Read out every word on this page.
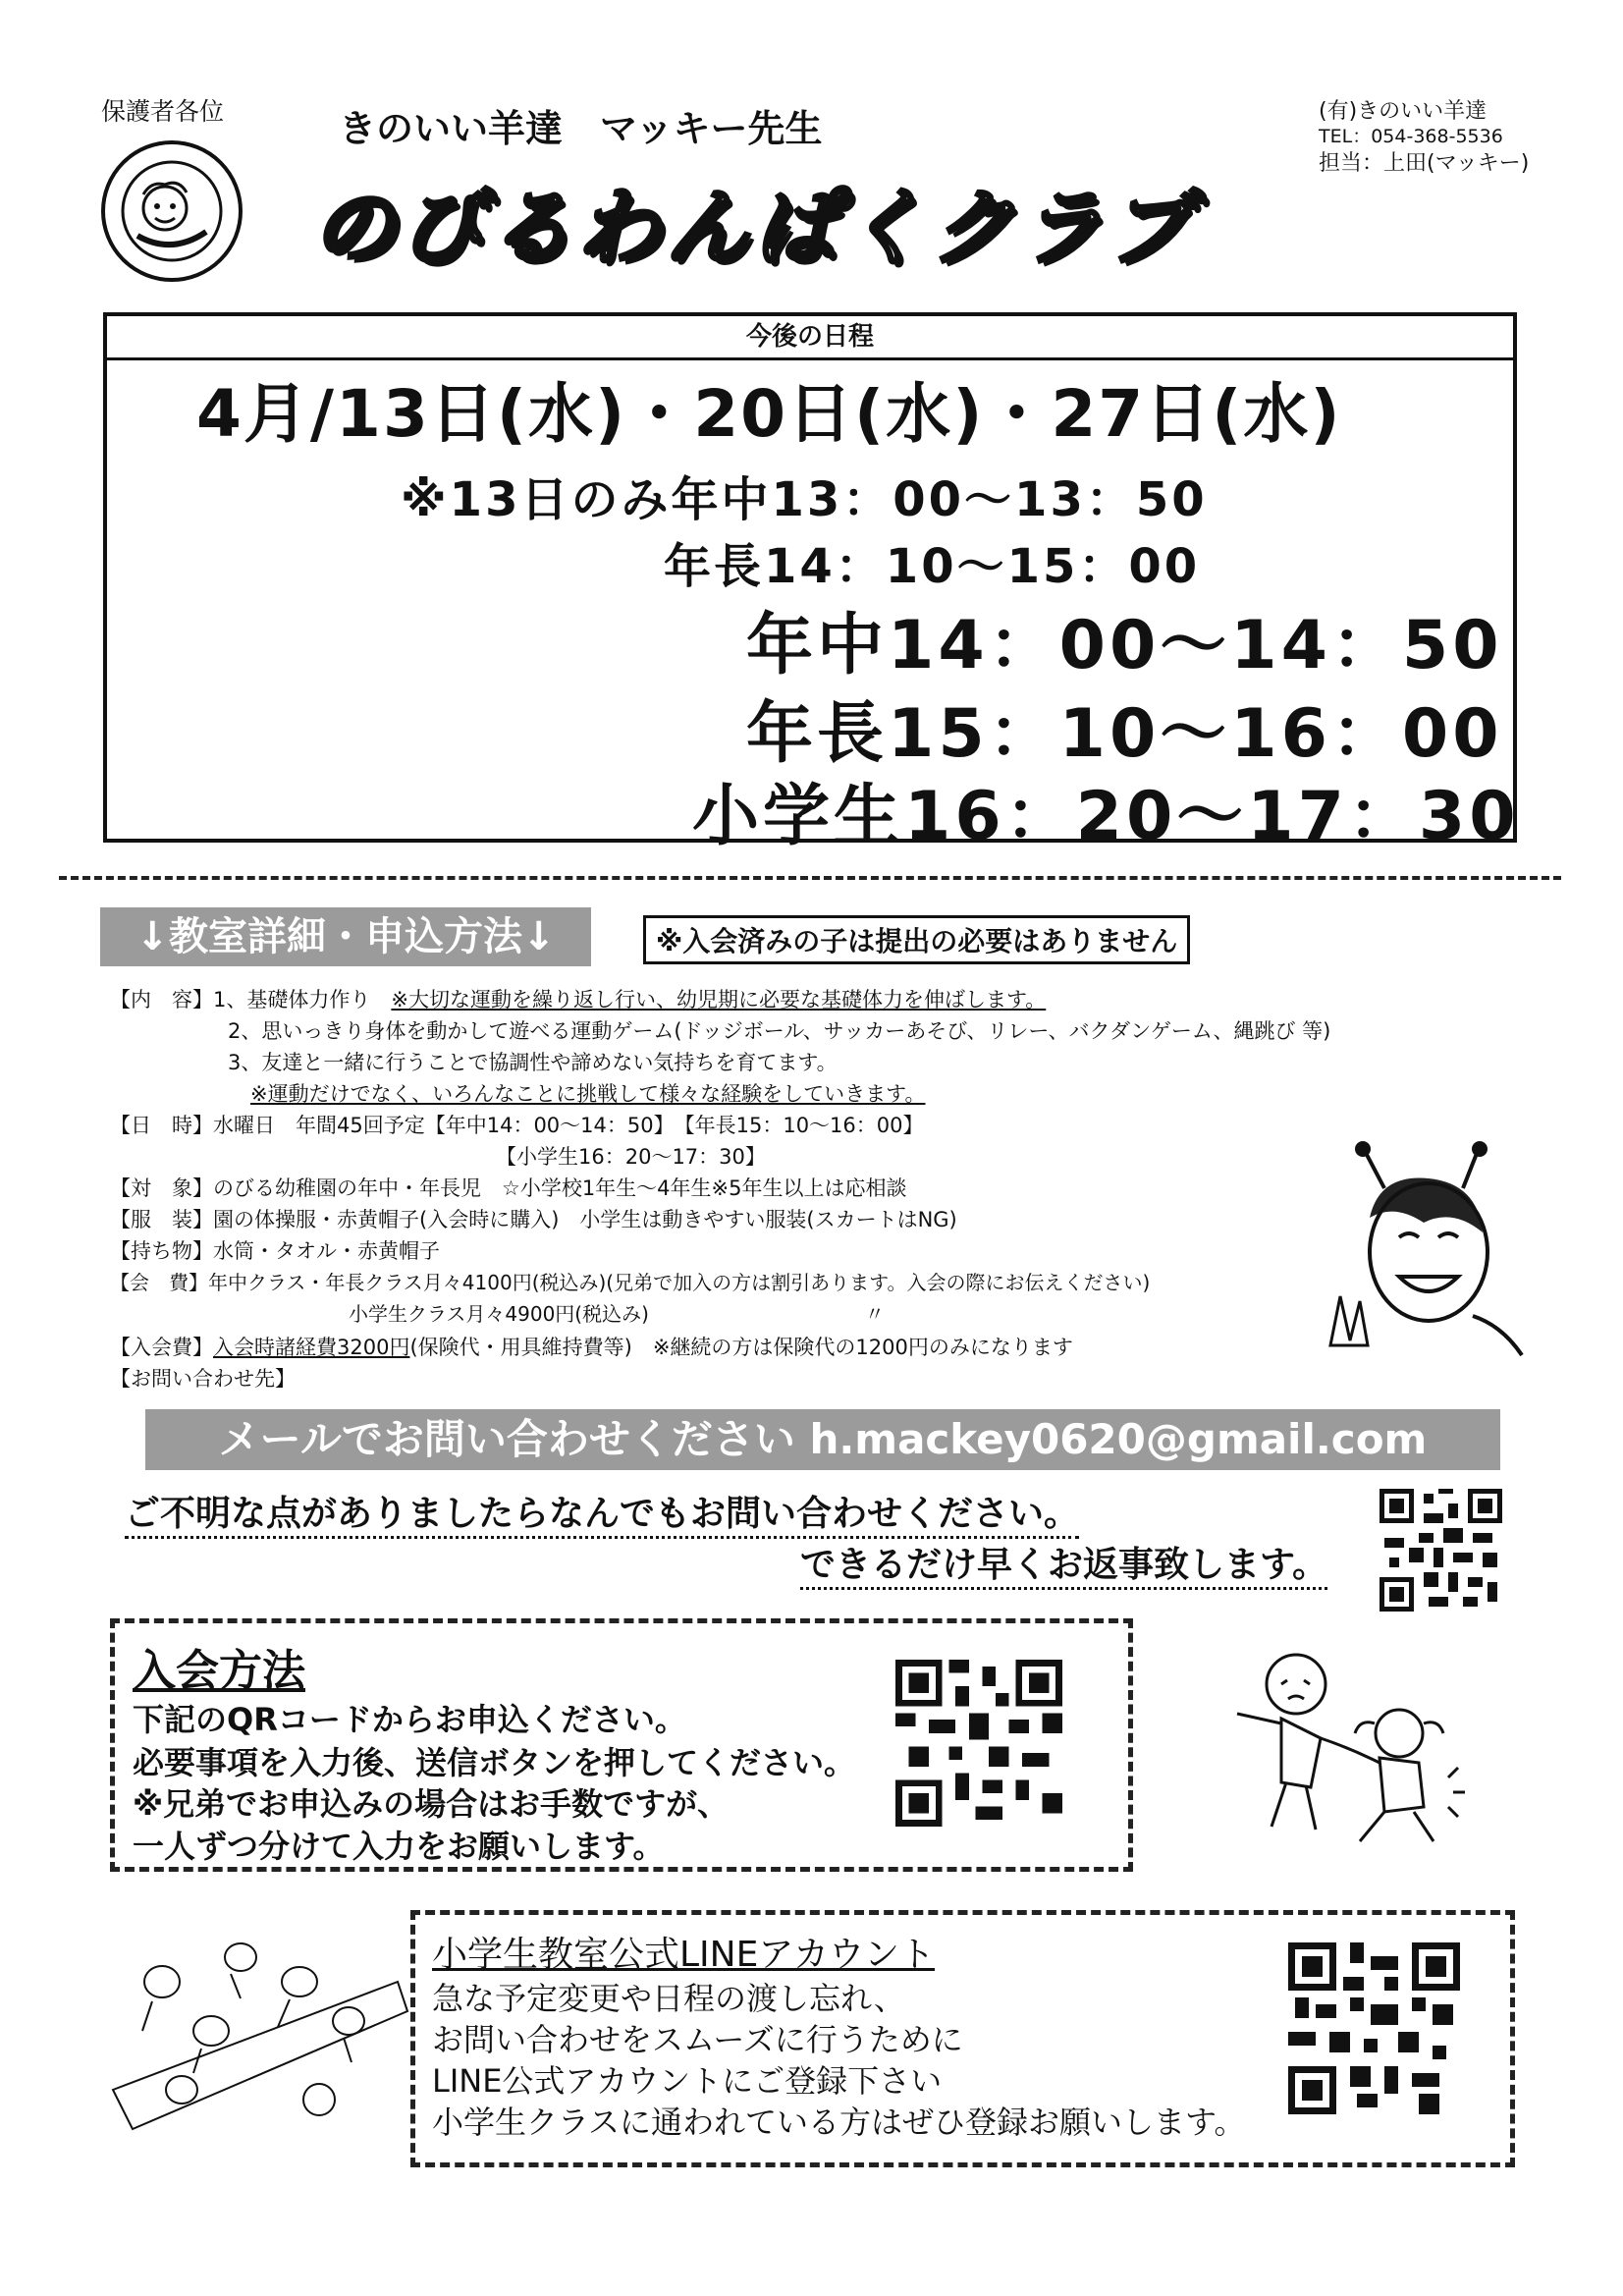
保護者各位	きのいい羊達　マッキー先生
のびるわんぱくクラブ
(有)きのいい羊達
TEL：054-368-5536
担当：上田(マッキー)
今後の日程
4月/13日(水)・20日(水)・27日(水)
※13日のみ年中13：00～13：50
年長14：10～15：00
年中14：00～14：50
年長15：10～16：00
小学生16：20～17：30
↓教室詳細・申込方法↓	※入会済みの子は提出の必要はありません
【内　容】1、基礎体力作り　※大切な運動を繰り返し行い、幼児期に必要な基礎体力を伸ばします。
2、思いっきり身体を動かして遊べる運動ゲーム(ドッジボール、サッカーあそび、リレー、バクダンゲーム、縄跳び 等)
3、友達と一緒に行うことで協調性や諦めない気持ちを育てます。
※運動だけでなく、いろんなことに挑戦して様々な経験をしていきます。
【日　時】水曜日　年間45回予定【年中14：00～14：50】　【年長15：10～16：00】
【小学生16：20～17：30】
【対　象】のびる幼稚園の年中・年長児　☆小学校1年生～4年生※5年生以上は応相談
【服　装】園の体操服・赤黄帽子(入会時に購入)　小学生は動きやすい服装(スカートはNG)
【持ち物】水筒・タオル・赤黄帽子
【会　費】年中クラス・年長クラス月々4100円(税込み)(兄弟で加入の方は割引あります。入会の際にお伝えください)
小学生クラス月々4900円(税込み)　　　　　　　　　　　〃
【入会費】入会時諸経費3200円(保険代・用具維持費等)　※継続の方は保険代の1200円のみになります
【お問い合わせ先】
メールでお問い合わせください h.mackey0620@gmail.com
ご不明な点がありましたらなんでもお問い合わせください。
できるだけ早くお返事致します。
入会方法
下記のQRコードからお申込ください。
必要事項を入力後、送信ボタンを押してください。
※兄弟でお申込みの場合はお手数ですが、
一人ずつ分けて入力をお願いします。
小学生教室公式LINEアカウント
急な予定変更や日程の渡し忘れ、
お問い合わせをスムーズに行うために
LINE公式アカウントにご登録下さい
小学生クラスに通われている方はぜひ登録お願いします。
